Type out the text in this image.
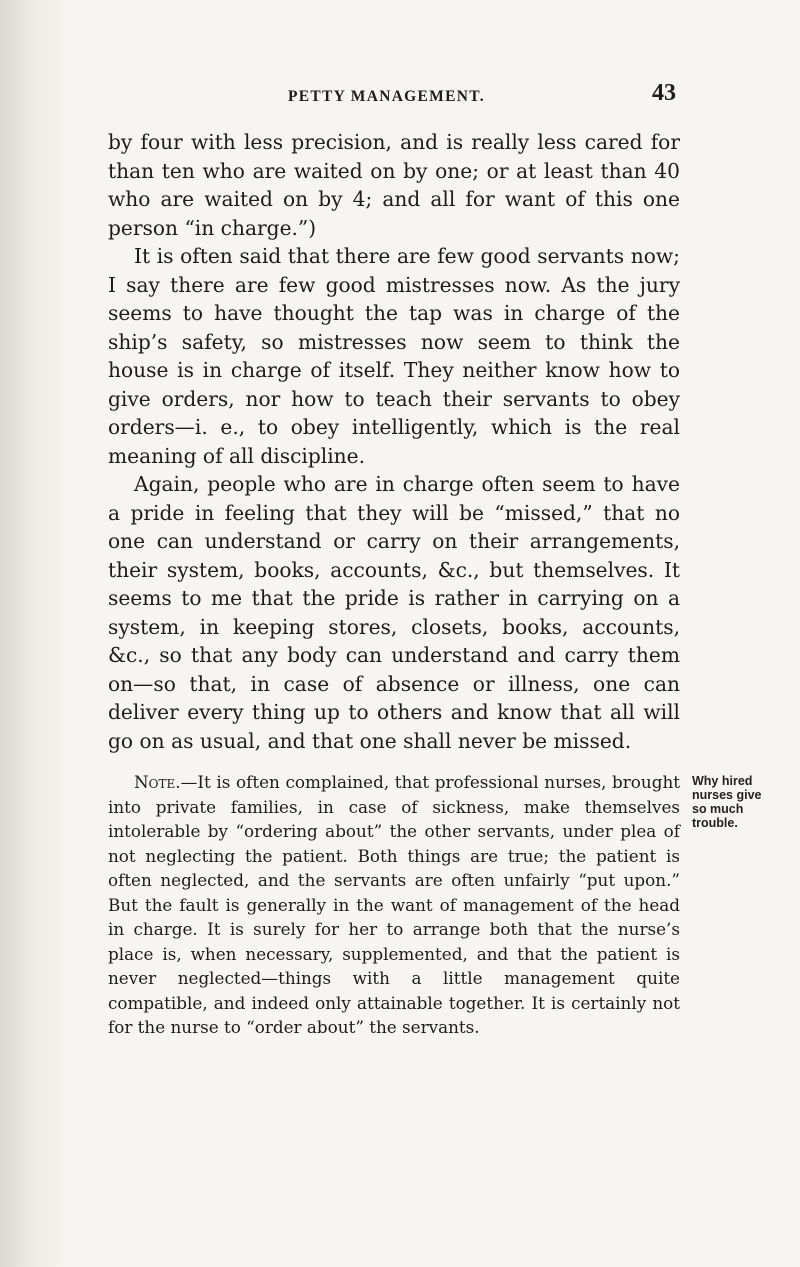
PETTY MANAGEMENT.	43

by four with less precision, and is really less cared for than ten who are waited on by one; or at least than 40 who are waited on by 4; and all for want of this one person “in charge.”)

It is often said that there are few good servants now; I say there are few good mistresses now. As the jury seems to have thought the tap was in charge of the ship’s safety, so mistresses now seem to think the house is in charge of itself. They neither know how to give orders, nor how to teach their servants to obey orders—i. e., to obey intelligently, which is the real meaning of all discipline.

Again, people who are in charge often seem to have a pride in feeling that they will be “missed,” that no one can understand or carry on their arrangements, their system, books, accounts, &c., but themselves. It seems to me that the pride is rather in carrying on a system, in keeping stores, closets, books, accounts, &c., so that any body can understand and carry them on—so that, in case of absence or illness, one can deliver every thing up to others and know that all will go on as usual, and that one shall never be missed.

Note.—It is often complained, that professional nurses, brought into private families, in case of sickness, make themselves intolerable by “ordering about” the other servants, under plea of not neglecting the patient. Both things are true; the patient is often neglected, and the servants are often unfairly “put upon.” But the fault is generally in the want of management of the head in charge. It is surely for her to arrange both that the nurse’s place is, when necessary, supplemented, and that the patient is never neglected—things with a little management quite compatible, and indeed only attainable together. It is certainly not for the nurse to “order about” the servants.

Why hired
nurses give
so much
trouble.
